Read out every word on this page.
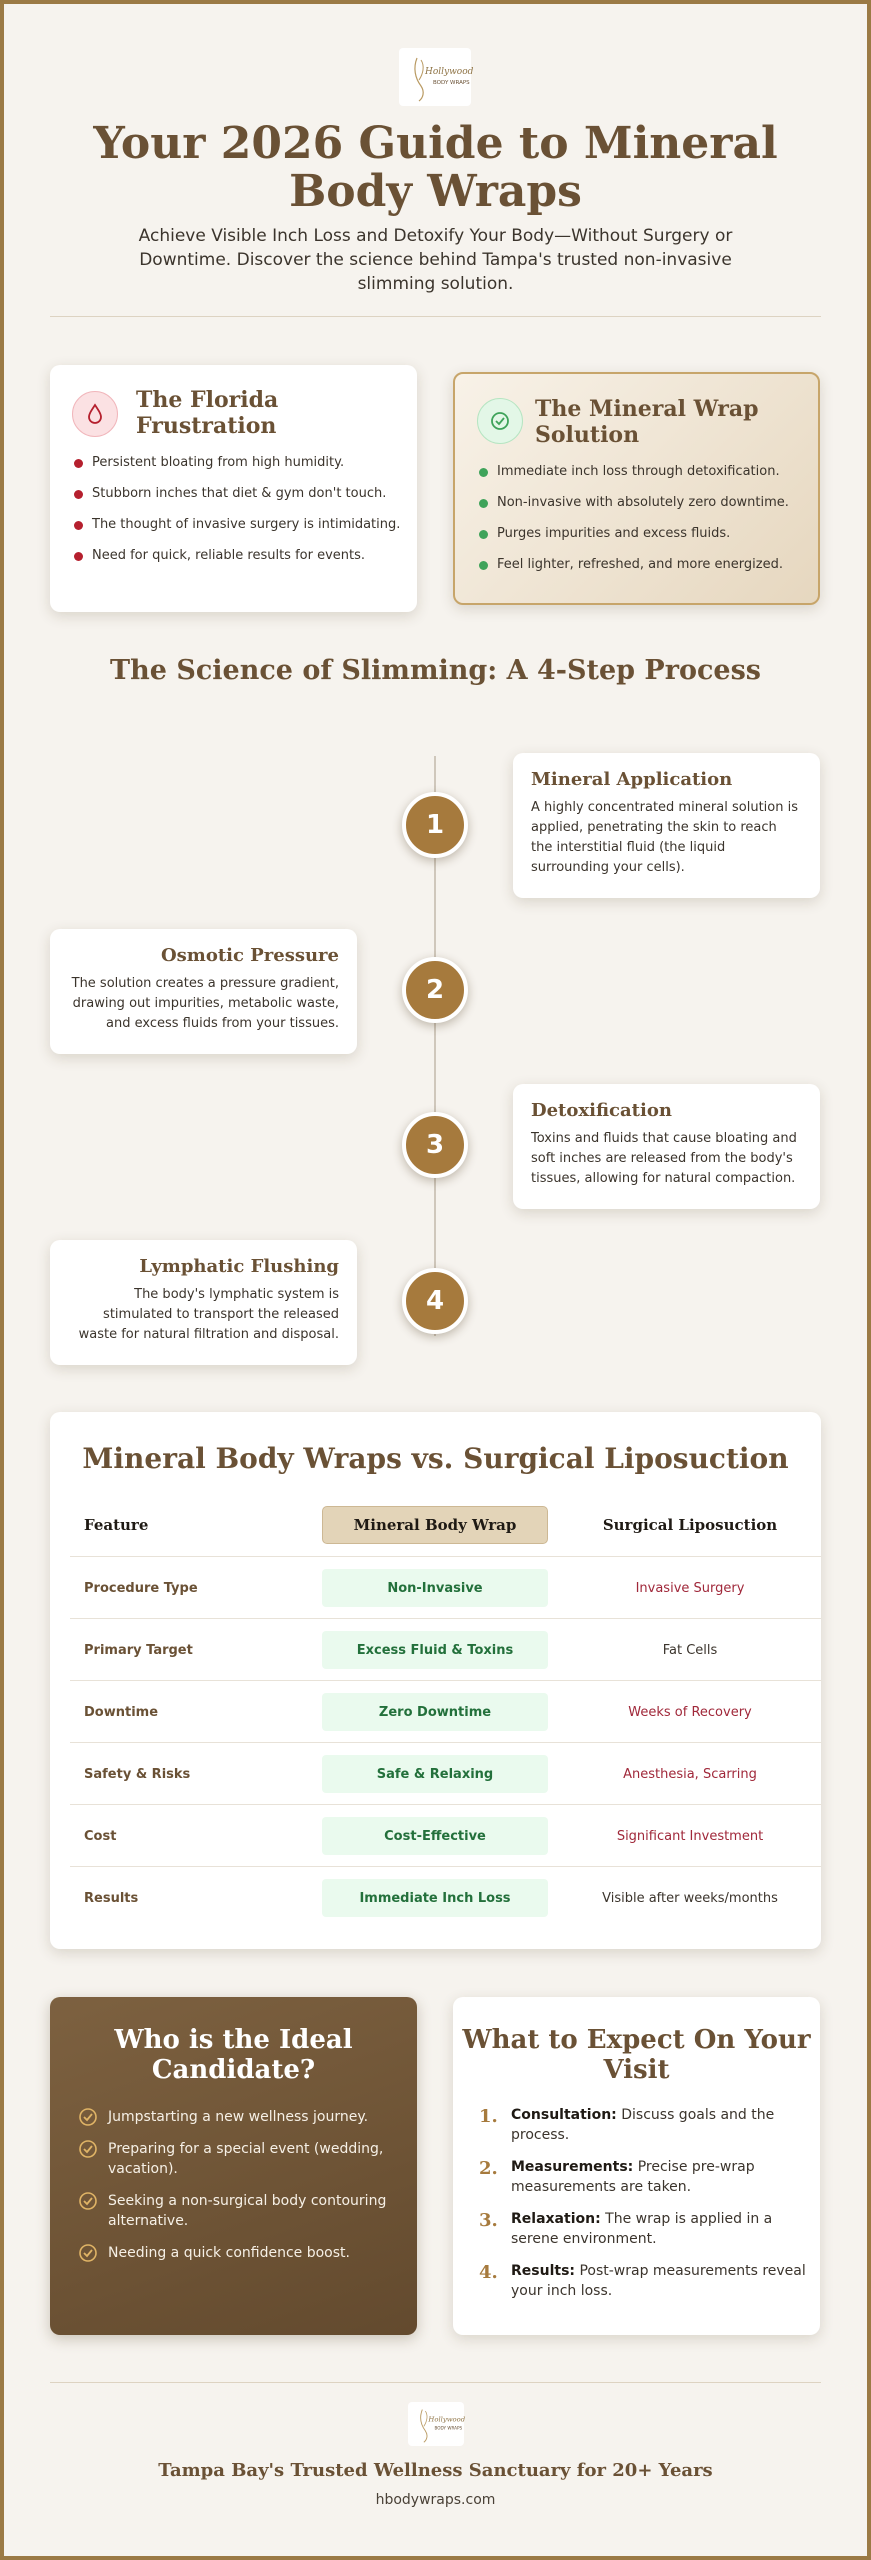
Hollywood
BODY WRAPS
Your 2026 Guide to Mineral Body Wraps

Achieve Visible Inch Loss and Detoxify Your Body—Without Surgery or Downtime. Discover the science behind Tampa's trusted non-invasive slimming solution.

The Florida Frustration
Persistent bloating from high humidity.
Stubborn inches that diet & gym don't touch.
The thought of invasive surgery is intimidating.
Need for quick, reliable results for events.
The Mineral Wrap Solution
Immediate inch loss through detoxification.
Non-invasive with absolutely zero downtime.
Purges impurities and excess fluids.
Feel lighter, refreshed, and more energized.
The Science of Slimming: A 4-Step Process
1
Mineral Application
A highly concentrated mineral solution is applied, penetrating the skin to reach the interstitial fluid (the liquid surrounding your cells).
2
Osmotic Pressure
The solution creates a pressure gradient, drawing out impurities, metabolic waste, and excess fluids from your tissues.
3
Detoxification
Toxins and fluids that cause bloating and soft inches are released from the body's tissues, allowing for natural compaction.
4
Lymphatic Flushing
The body's lymphatic system is stimulated to transport the released waste for natural filtration and disposal.
Mineral Body Wraps vs. Surgical Liposuction
Feature	Mineral Body Wrap	Surgical Liposuction
Procedure Type	Non-Invasive	Invasive Surgery
Primary Target	Excess Fluid & Toxins	Fat Cells
Downtime	Zero Downtime	Weeks of Recovery
Safety & Risks	Safe & Relaxing	Anesthesia, Scarring
Cost	Cost-Effective	Significant Investment
Results	Immediate Inch Loss	Visible after weeks/months
Who is the Ideal Candidate?
Jumpstarting a new wellness journey.
Preparing for a special event (wedding, vacation).
Seeking a non-surgical body contouring alternative.
Needing a quick confidence boost.
What to Expect On Your Visit
1. Consultation: Discuss goals and the process.
2. Measurements: Precise pre-wrap measurements are taken.
3. Relaxation: The wrap is applied in a serene environment.
4. Results: Post-wrap measurements reveal your inch loss.
Hollywood
BODY WRAPS
Tampa Bay's Trusted Wellness Sanctuary for 20+ Years
hbodywraps.com
